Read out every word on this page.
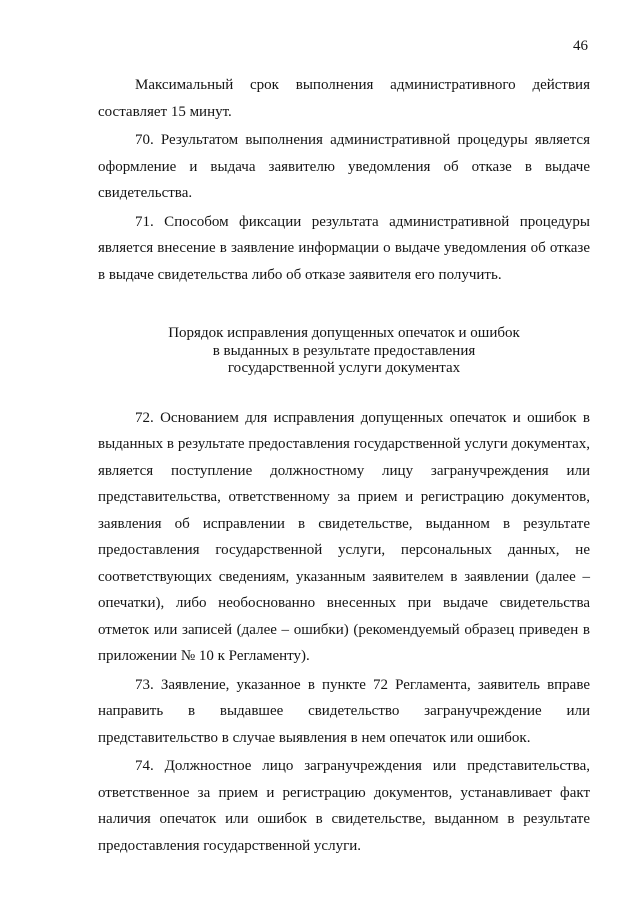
46

Максимальный срок выполнения административного действия составляет 15 минут.

70. Результатом выполнения административной процедуры является оформление и выдача заявителю уведомления об отказе в выдаче свидетельства.

71. Способом фиксации результата административной процедуры является внесение в заявление информации о выдаче уведомления об отказе в выдаче свидетельства либо об отказе заявителя его получить.

Порядок исправления допущенных опечаток и ошибок
в выданных в результате предоставления
государственной услуги документах

72. Основанием для исправления допущенных опечаток и ошибок в выданных в результате предоставления государственной услуги документах, является поступление должностному лицу загранучреждения или представительства, ответственному за прием и регистрацию документов, заявления об исправлении в свидетельстве, выданном в результате предоставления государственной услуги, персональных данных, не соответствующих сведениям, указанным заявителем в заявлении (далее – опечатки), либо необоснованно внесенных при выдаче свидетельства отметок или записей (далее – ошибки) (рекомендуемый образец приведен в приложении № 10 к Регламенту).

73. Заявление, указанное в пункте 72 Регламента, заявитель вправе направить в выдавшее свидетельство загранучреждение или представительство в случае выявления в нем опечаток или ошибок.

74. Должностное лицо загранучреждения или представительства, ответственное за прием и регистрацию документов, устанавливает факт наличия опечаток или ошибок в свидетельстве, выданном в результате предоставления государственной услуги.
